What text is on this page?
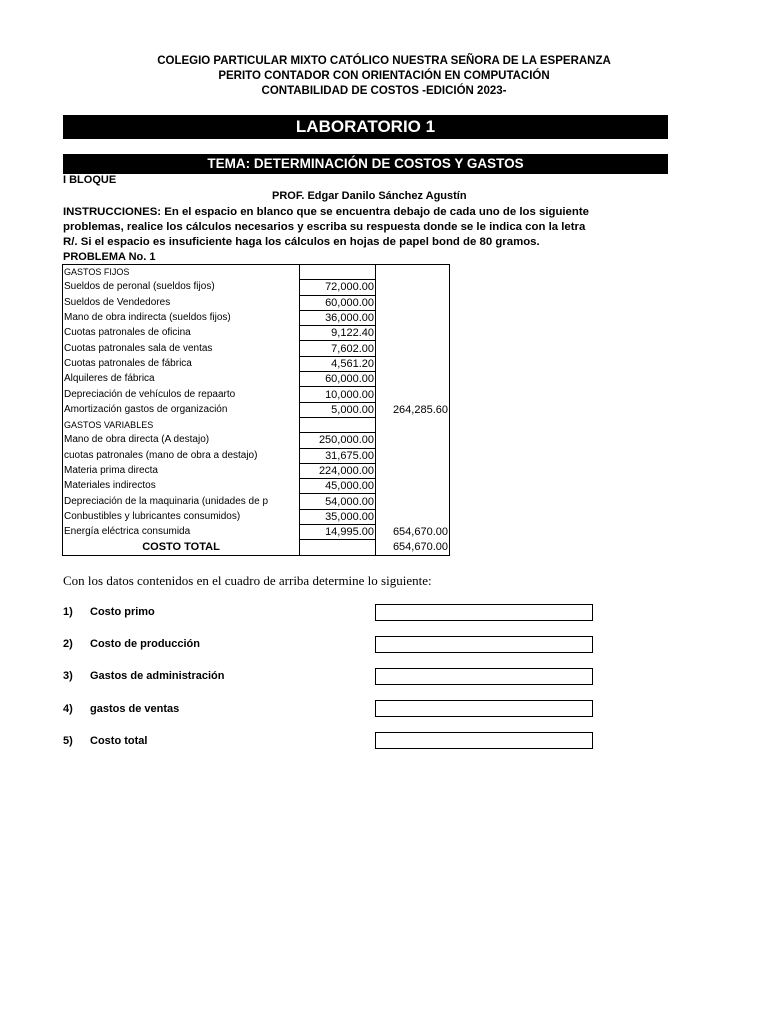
COLEGIO PARTICULAR MIXTO CATÓLICO NUESTRA SEÑORA DE LA ESPERANZA
PERITO CONTADOR CON ORIENTACIÓN EN COMPUTACIÓN
CONTABILIDAD DE COSTOS -EDICIÓN 2023-
LABORATORIO 1
TEMA: DETERMINACIÓN DE COSTOS Y GASTOS
I BLOQUE
PROF. Edgar Danilo Sánchez Agustín
INSTRUCCIONES: En el espacio en blanco que se encuentra debajo de cada uno de los siguiente problemas, realice los cálculos necesarios y escriba su respuesta donde se le indica con la letra R/. Si el espacio es insuficiente haga los cálculos en hojas de papel bond de 80 gramos.
PROBLEMA No. 1
GASTOS FIJOS		
Sueldos de peronal (sueldos fijos)	72,000.00	
Sueldos de Vendedores	60,000.00	
Mano de obra indirecta (sueldos fijos)	36,000.00	
Cuotas patronales de oficina	9,122.40	
Cuotas patronales sala de ventas	7,602.00	
Cuotas patronales de fábrica	4,561.20	
Alquileres de fábrica	60,000.00	
Depreciación de vehículos de repaarto	10,000.00	
Amortización gastos de organización	5,000.00	264,285.60
GASTOS VARIABLES		
Mano de obra directa (A destajo)	250,000.00	
cuotas patronales (mano de obra a destajo)	31,675.00	
Materia prima directa	224,000.00	
Materiales indirectos	45,000.00	
Depreciación de la maquinaria (unidades de p	54,000.00	
Conbustibles y lubricantes consumidos)	35,000.00	
Energía eléctrica consumida	14,995.00	654,670.00
COSTO TOTAL		654,670.00
Con los datos contenidos en el cuadro de arriba determine lo siguiente:
1) Costo primo
2) Costo de producción
3) Gastos de administración
4) gastos de ventas
5) Costo total
